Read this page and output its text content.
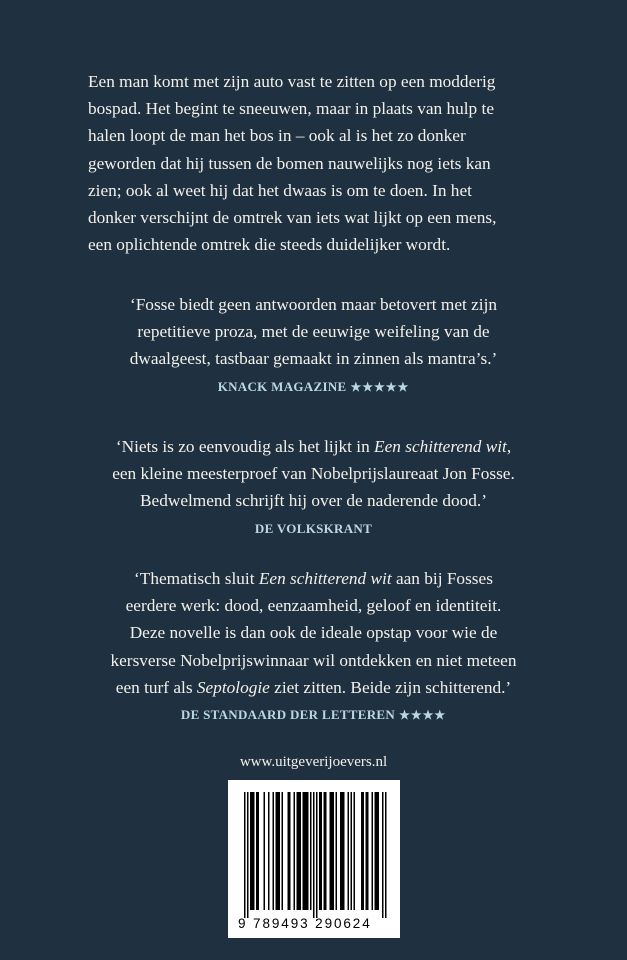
Een man komt met zijn auto vast te zitten op een modderig

bospad. Het begint te sneeuwen, maar in plaats van hulp te

halen loopt de man het bos in – ook al is het zo donker

geworden dat hij tussen de bomen nauwelijks nog iets kan

zien; ook al weet hij dat het dwaas is om te doen. In het

donker verschijnt de omtrek van iets wat lijkt op een mens,

een oplichtende omtrek die steeds duidelijker wordt.

‘Fosse biedt geen antwoorden maar betovert met zijn
repetitieve proza, met de eeuwige weifeling van de
dwaalgeest, tastbaar gemaakt in zinnen als mantra’s.’
KNACK MAGAZINE ★★★★★
‘Niets is zo eenvoudig als het lijkt in Een schitterend wit,
een kleine meesterproef van Nobelprijslaureaat Jon Fosse.
Bedwelmend schrijft hij over de naderende dood.’
DE VOLKSKRANT
‘Thematisch sluit Een schitterend wit aan bij Fosses
eerdere werk: dood, eenzaamheid, geloof en identiteit.
Deze novelle is dan ook de ideale opstap voor wie de
kersverse Nobelprijswinnaar wil ontdekken en niet meteen
een turf als Septologie ziet zitten. Beide zijn schitterend.’
DE STANDAARD DER LETTEREN ★★★★
www.uitgeverijoevers.nl
9 789493 290624
